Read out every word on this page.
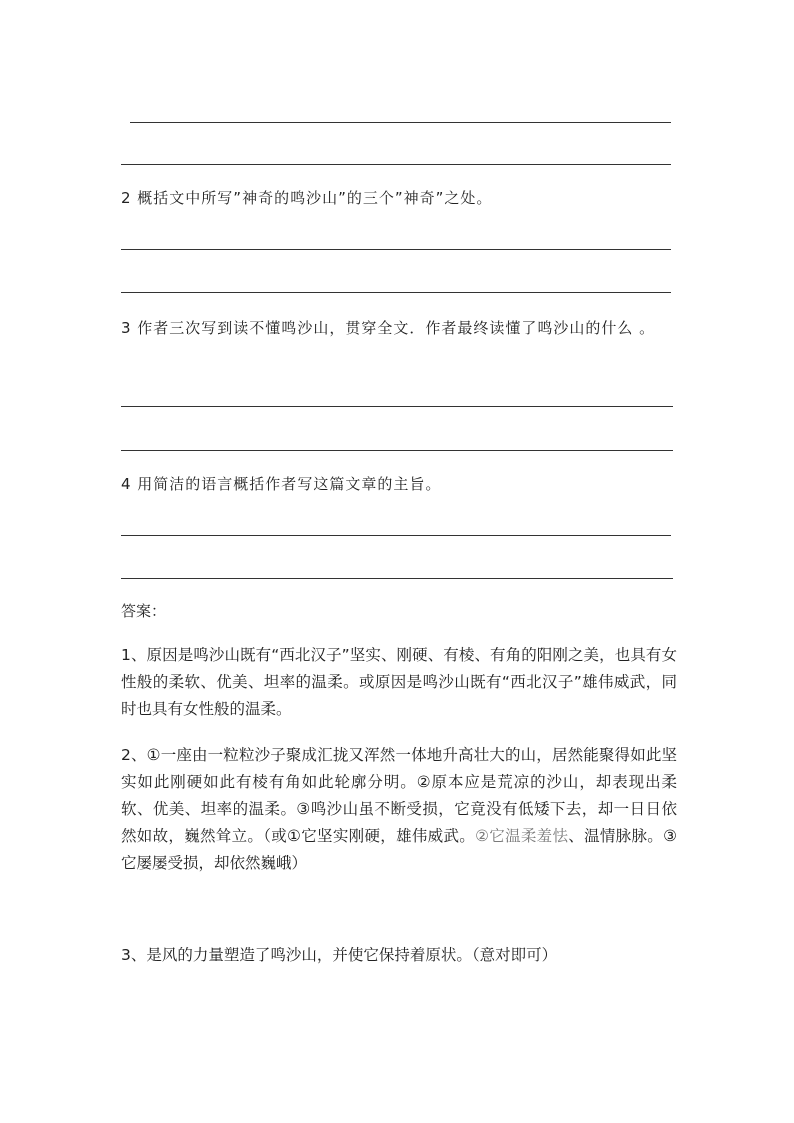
2 概括文中所写”神奇的鸣沙山”的三个”神奇”之处。

3 作者三次写到读不懂鸣沙山，贯穿全文．作者最终读懂了鸣沙山的什么 。

4 用简洁的语言概括作者写这篇文章的主旨。

答案：

1、原因是鸣沙山既有“西北汉子”坚实、刚硬、有棱、有角的阳刚之美，也具有女性般的柔软、优美、坦率的温柔。或原因是鸣沙山既有“西北汉子”雄伟威武，同时也具有女性般的温柔。

2、①一座由一粒粒沙子聚成汇拢又浑然一体地升高壮大的山，居然能聚得如此坚实如此刚硬如此有棱有角如此轮廓分明。②原本应是荒凉的沙山，却表现出柔软、优美、坦率的温柔。③鸣沙山虽不断受损，它竟没有低矮下去，却一日日依然如故，巍然耸立。（或①它坚实刚硬，雄伟威武。②它温柔羞怯、温情脉脉。③它屡屡受损，却依然巍峨）

3、是风的力量塑造了鸣沙山，并使它保持着原状。（意对即可）
